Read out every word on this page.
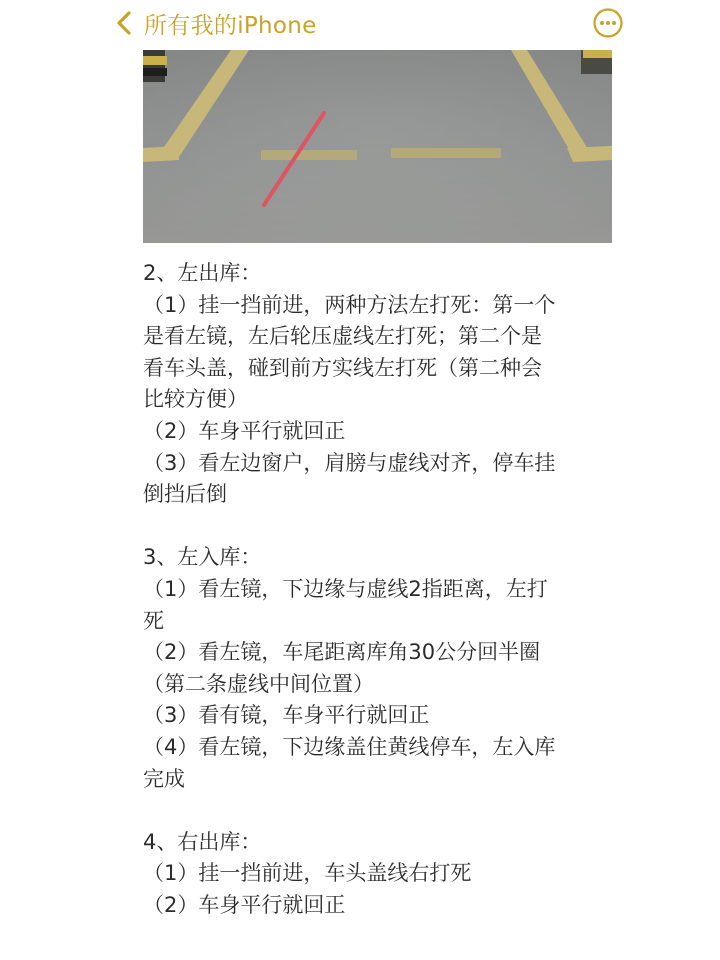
所有我的iPhone
2、左出库：
（1）挂一挡前进，两种方法左打死：第一个
是看左镜，左后轮压虚线左打死；第二个是
看车头盖，碰到前方实线左打死（第二种会
比较方便）
（2）车身平行就回正
（3）看左边窗户，肩膀与虚线对齐，停车挂
倒挡后倒
3、左入库：
（1）看左镜，下边缘与虚线2指距离，左打
死
（2）看左镜，车尾距离库角30公分回半圈
（第二条虚线中间位置）
（3）看有镜，车身平行就回正
（4）看左镜，下边缘盖住黄线停车，左入库
完成
4、右出库：
（1）挂一挡前进，车头盖线右打死
（2）车身平行就回正
